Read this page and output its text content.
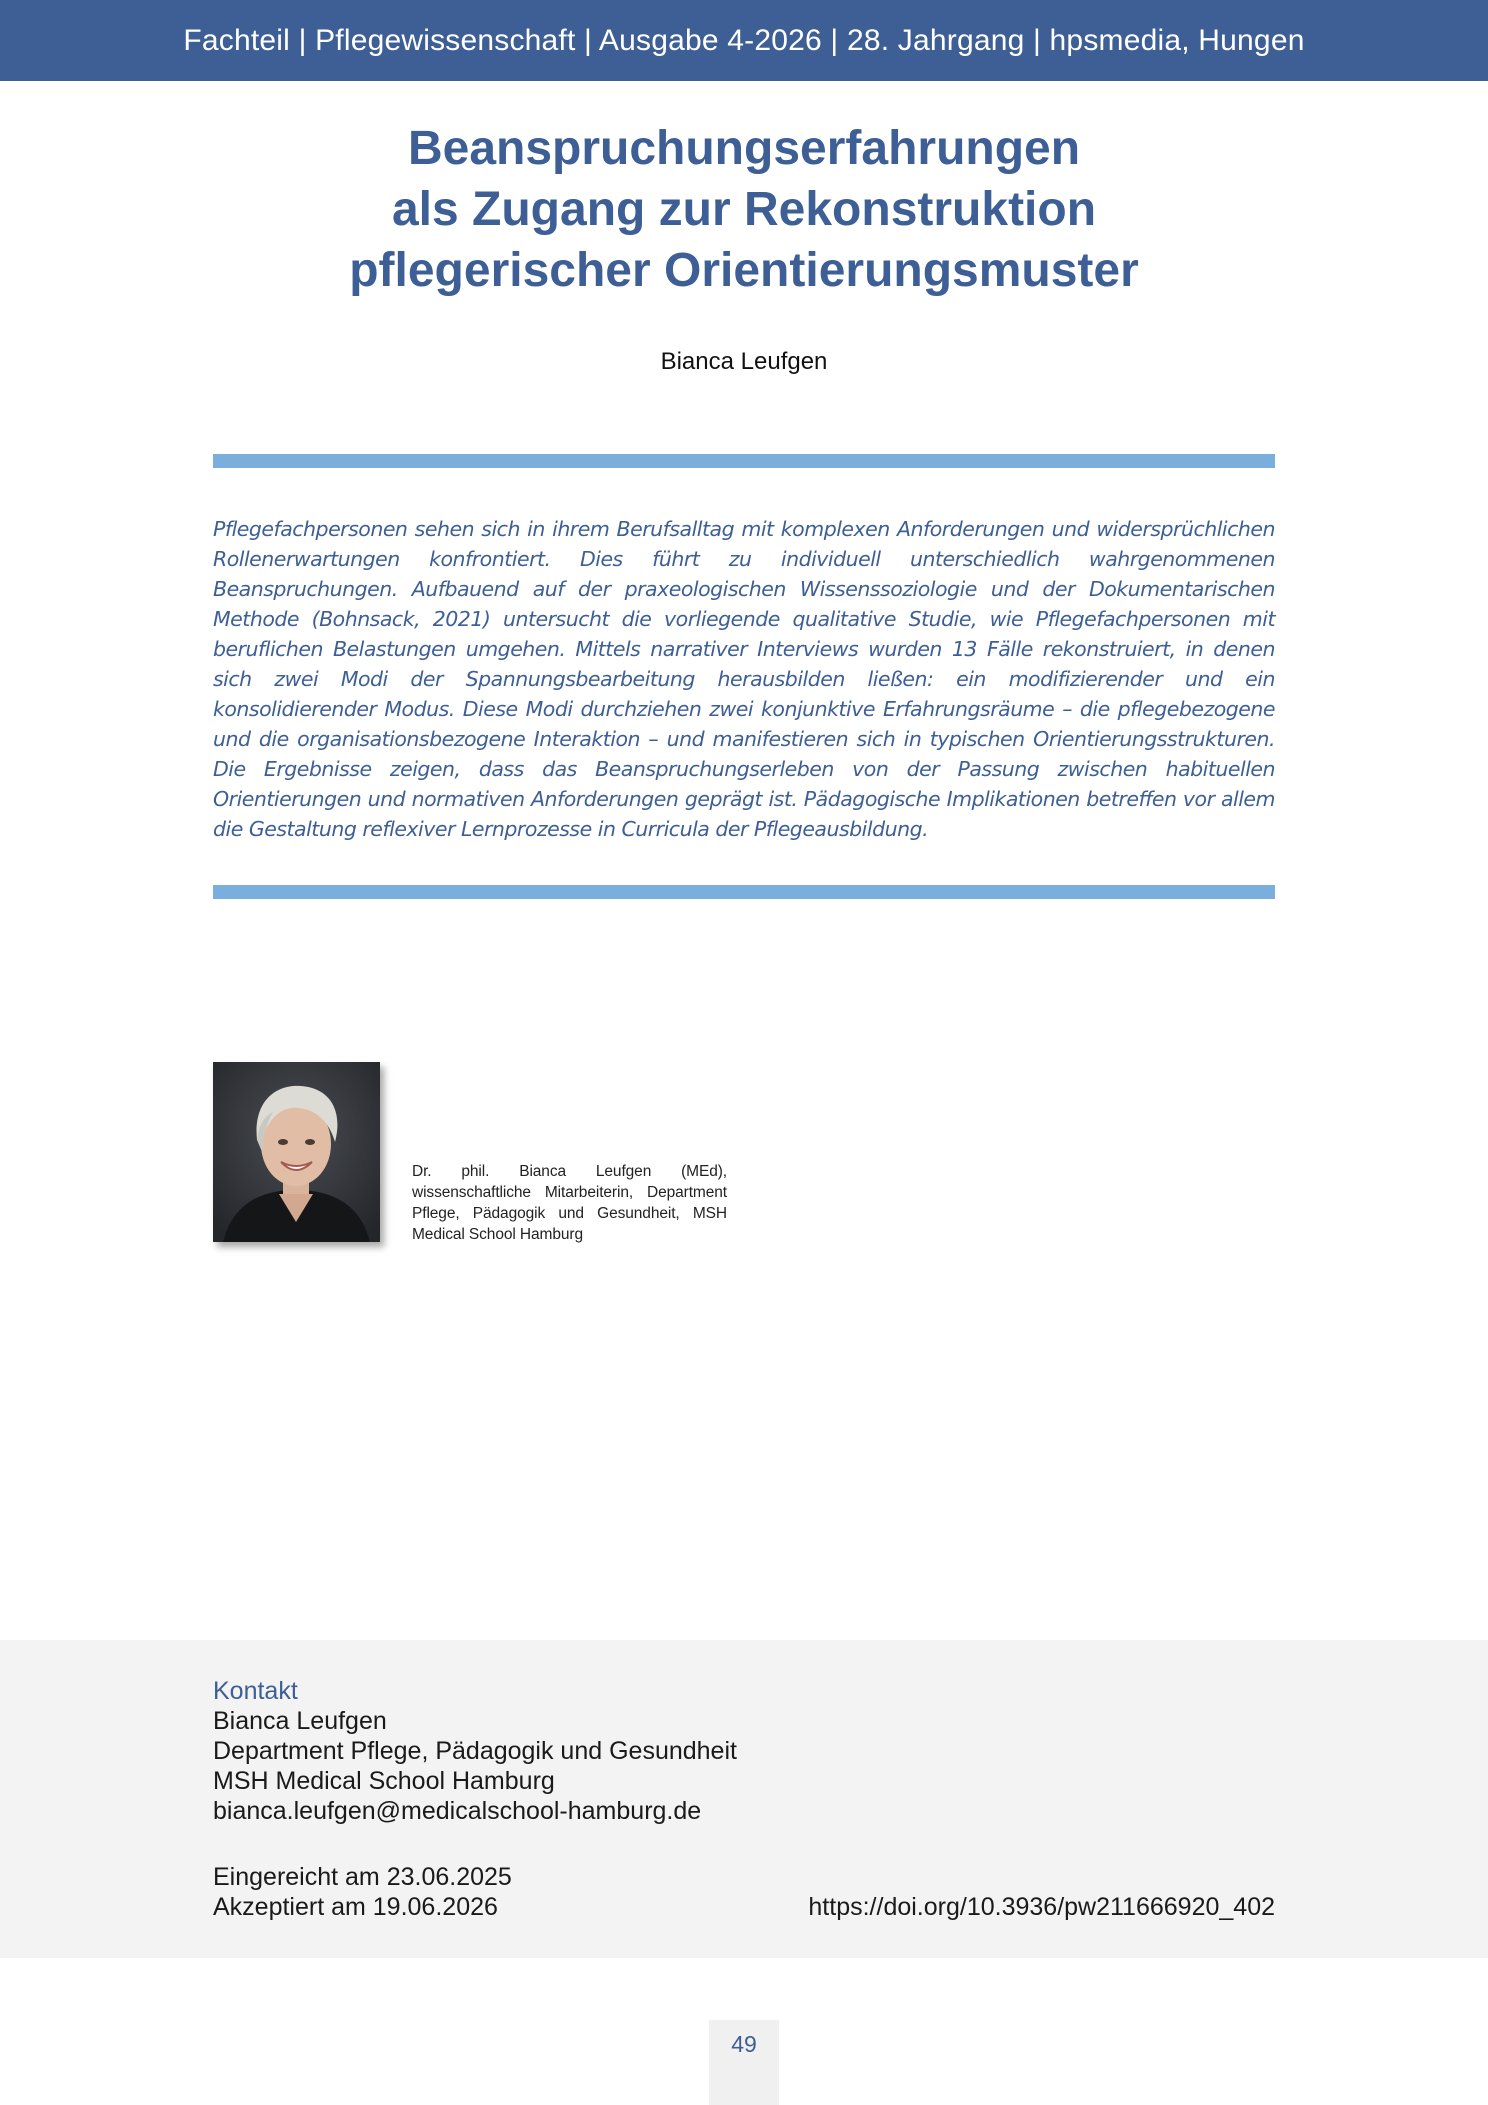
Fachteil | Pflegewissenschaft | Ausgabe 4-2026 | 28. Jahrgang | hpsmedia, Hungen
Beanspruchungserfahrungen
als Zugang zur Rekonstruktion
pflegerischer Orientierungsmuster
Bianca Leufgen

Pflegefachpersonen sehen sich in ihrem Berufsalltag mit komplexen Anforderungen und widersprüchlichen Rollenerwartungen konfrontiert. Dies führt zu individuell unterschiedlich wahrgenommenen Beanspruchungen. Aufbauend auf der praxeologischen Wissenssoziologie und der Dokumentarischen Methode (Bohnsack, 2021) untersucht die vorliegende qualitative Studie, wie Pflegefachpersonen mit beruflichen Belastungen umgehen. Mittels narrativer Interviews wurden 13 Fälle rekonstruiert, in denen sich zwei Modi der Spannungsbearbeitung herausbilden ließen: ein modifizierender und ein konsolidierender Modus. Diese Modi durchziehen zwei konjunktive Erfahrungsräume – die pflegebezogene und die organisationsbezogene Interaktion – und manifestieren sich in typischen Orientierungsstrukturen. Die Ergebnisse zeigen, dass das Beanspruchungserleben von der Passung zwischen habituellen Orientierungen und normativen Anforderungen geprägt ist. Pädagogische Implikationen betreffen vor allem die Gestaltung reflexiver Lernprozesse in Curricula der Pflegeausbildung.

Dr. phil. Bianca Leufgen (MEd), wissenschaftliche Mitarbeiterin, Department Pflege, Pädagogik und Gesundheit, MSH Medical School Hamburg

Kontakt
Bianca Leufgen
Department Pflege, Pädagogik und Gesundheit
MSH Medical School Hamburg
bianca.leufgen@medicalschool-hamburg.de
Eingereicht am 23.06.2025
Akzeptiert am 19.06.2026	https://doi.org/10.3936/pw211666920_402
49
